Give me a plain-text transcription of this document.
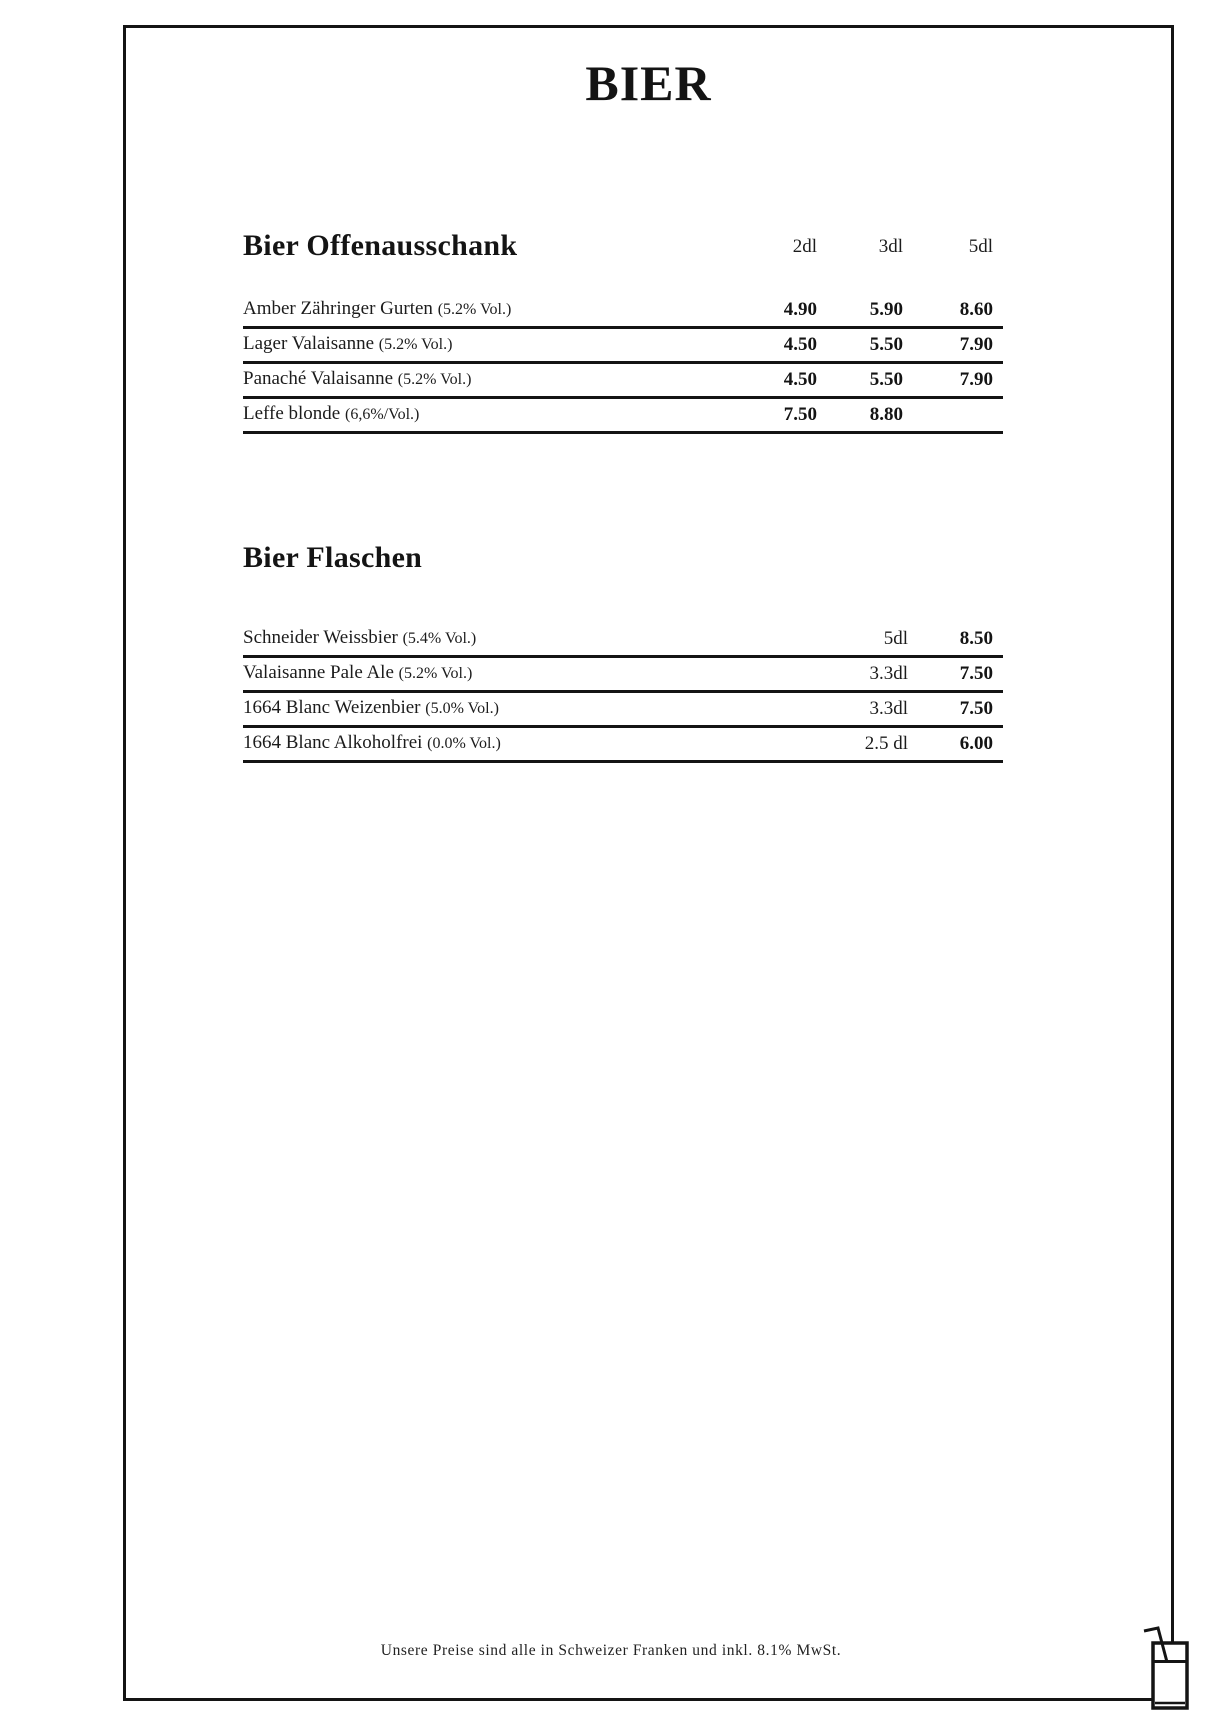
BIER
Bier Offenausschank	2dl	3dl	5dl
Amber Zähringer Gurten (5.2% Vol.)	4.90	5.90	8.60
Lager Valaisanne (5.2% Vol.)	4.50	5.50	7.90
Panaché Valaisanne (5.2% Vol.)	4.50	5.50	7.90
Leffe blonde (6,6%/Vol.)	7.50	8.80
Bier Flaschen
Schneider Weissbier (5.4% Vol.)	5dl	8.50
Valaisanne Pale Ale (5.2% Vol.)	3.3dl	7.50
1664 Blanc Weizenbier (5.0% Vol.)	3.3dl	7.50
1664 Blanc Alkoholfrei (0.0% Vol.)	2.5 dl	6.00
Unsere Preise sind alle in Schweizer Franken und inkl. 8.1% MwSt.
